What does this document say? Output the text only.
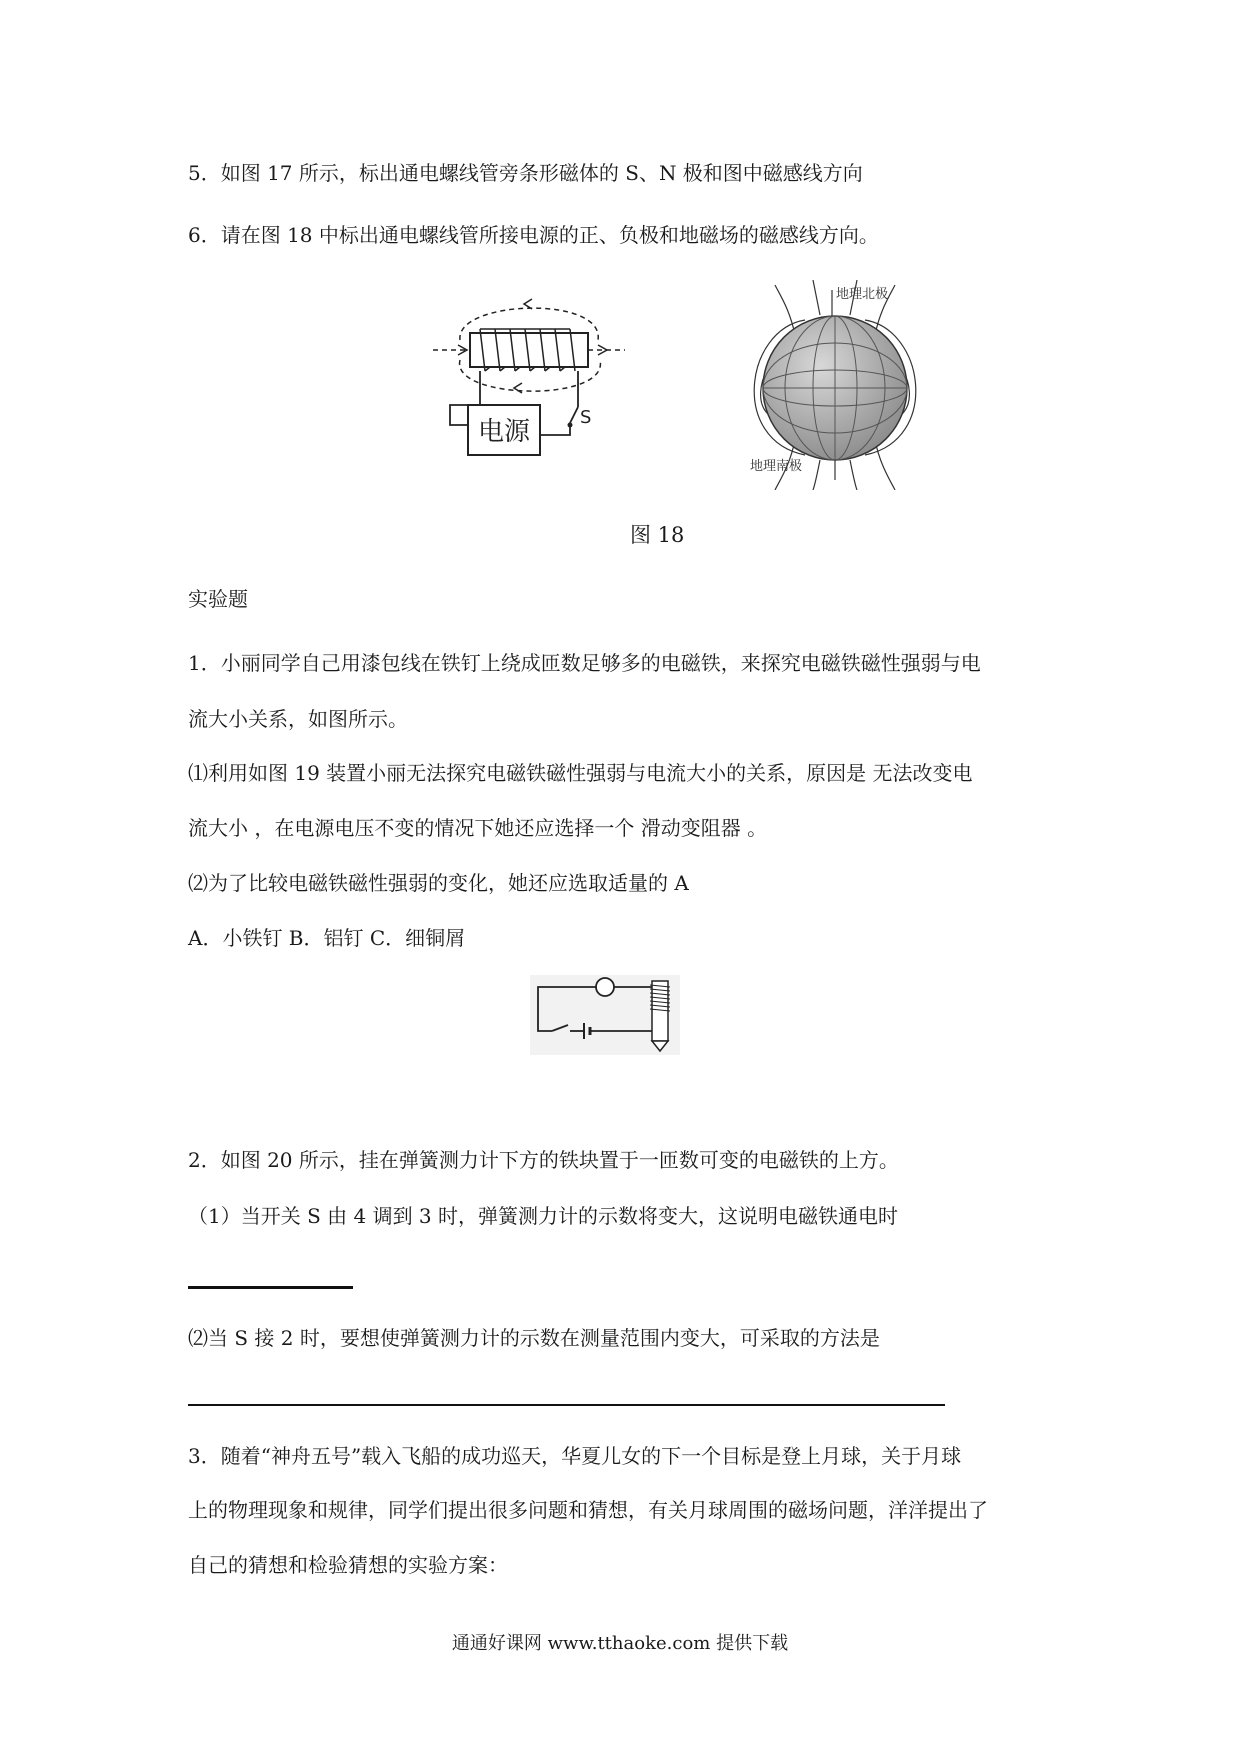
5．如图 17 所示，标出通电螺线管旁条形磁体的 S、N 极和图中磁感线方向
6．请在图 18 中标出通电螺线管所接电源的正、负极和地磁场的磁感线方向。
S
电源
地理北极
地理南极
图 18
实验题
1．小丽同学自己用漆包线在铁钉上绕成匝数足够多的电磁铁，来探究电磁铁磁性强弱与电
流大小关系，如图所示。
⑴利用如图 19 装置小丽无法探究电磁铁磁性强弱与电流大小的关系，原因是 无法改变电
流大小 ，在电源电压不变的情况下她还应选择一个 滑动变阻器 。
⑵为了比较电磁铁磁性强弱的变化，她还应选取适量的 A
A．小铁钉 B．铝钉 C．细铜屑
2．如图 20 所示，挂在弹簧测力计下方的铁块置于一匝数可变的电磁铁的上方。
（1）当开关 S 由 4 调到 3 时，弹簧测力计的示数将变大，这说明电磁铁通电时
⑵当 S 接 2 时，要想使弹簧测力计的示数在测量范围内变大，可采取的方法是
3．随着“神舟五号”载入飞船的成功巡天，华夏儿女的下一个目标是登上月球，关于月球
上的物理现象和规律，同学们提出很多问题和猜想，有关月球周围的磁场问题，洋洋提出了
自己的猜想和检验猜想的实验方案：
通通好课网 www.tthaoke.com 提供下载
